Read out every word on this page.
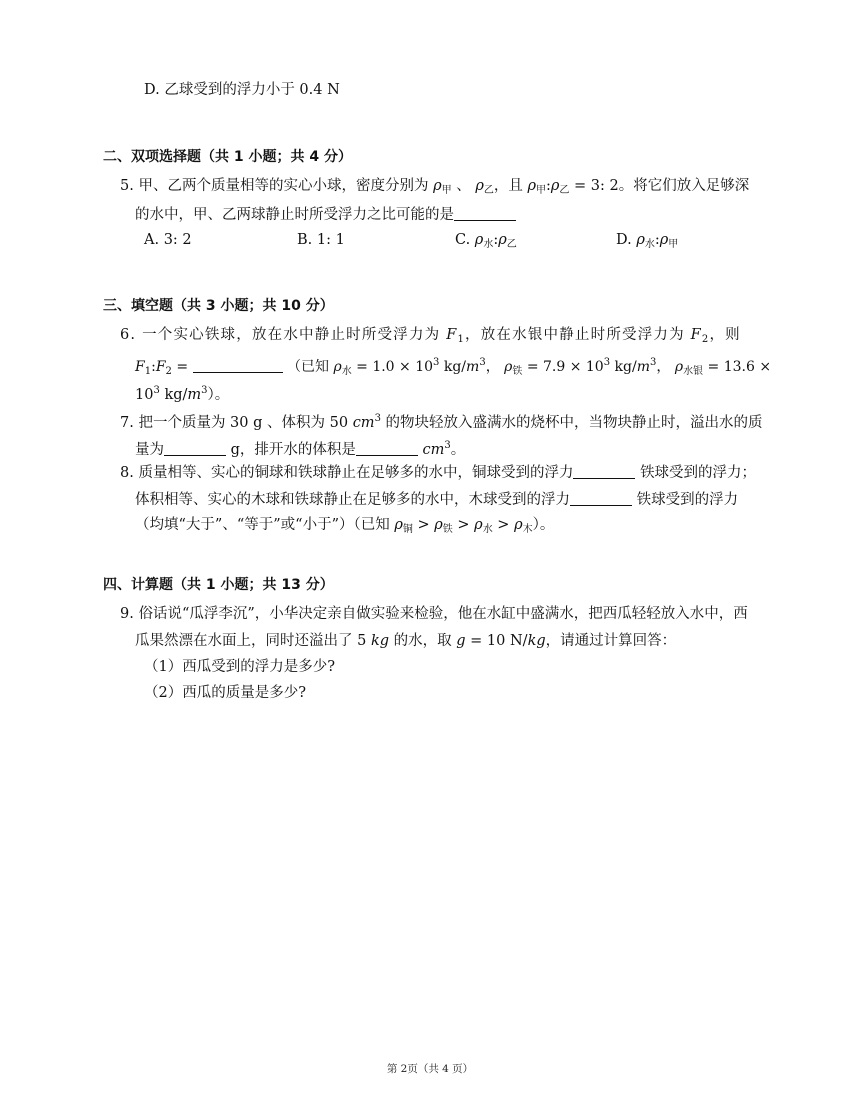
D. 乙球受到的浮力小于 0.4 N
二、双项选择题（共 1 小题；共 4 分）
5. 甲、乙两个质量相等的实心小球，密度分别为 $\rho_甲$ 、 $\rho_乙$，且 $\rho_甲:\rho_乙 = 3$: 2。将它们放入足够深
的水中，甲、乙两球静止时所受浮力之比可能的是
A. 3: 2	B. 1: 1	C. $\rho_水:\rho_乙$	D. $\rho_水:\rho_甲$
三、填空题（共 3 小题；共 10 分）
6. 一个实心铁球，放在水中静止时所受浮力为 $F_1$，放在水银中静止时所受浮力为 $F_2$，则
$F_1:F_2$ =	（已知 $\rho_水 = 1.0 \times 10^3$ $kg/m^3$， $\rho_铁 = 7.9 \times 10^3$ $kg/m^3$， $\rho_{水银} = 13.6$ ×
$10^3$ $kg/m^3$）。
7. 把一个质量为 30 g 、体积为 50 $cm^3$ 的物块轻放入盛满水的烧杯中，当物块静止时，溢出水的质
量为	g，排开水的体积是	$cm^3$。
8. 质量相等、实心的铜球和铁球静止在足够多的水中，铜球受到的浮力	铁球受到的浮力；
体积相等、实心的木球和铁球静止在足够多的水中，木球受到的浮力	铁球受到的浮力
（均填“大于”、“等于”或“小于”）（已知 $\rho_铜 > \rho_铁 > \rho_水 > \rho_木$）。
四、计算题（共 1 小题；共 13 分）
9. 俗话说“瓜浮李沉”，小华决定亲自做实验来检验，他在水缸中盛满水，把西瓜轻轻放入水中，西
瓜果然漂在水面上，同时还溢出了 5 kg 的水，取 g = 10 N/kg，请通过计算回答：
（1）西瓜受到的浮力是多少?
（2）西瓜的质量是多少?
第 2页（共 4 页）
